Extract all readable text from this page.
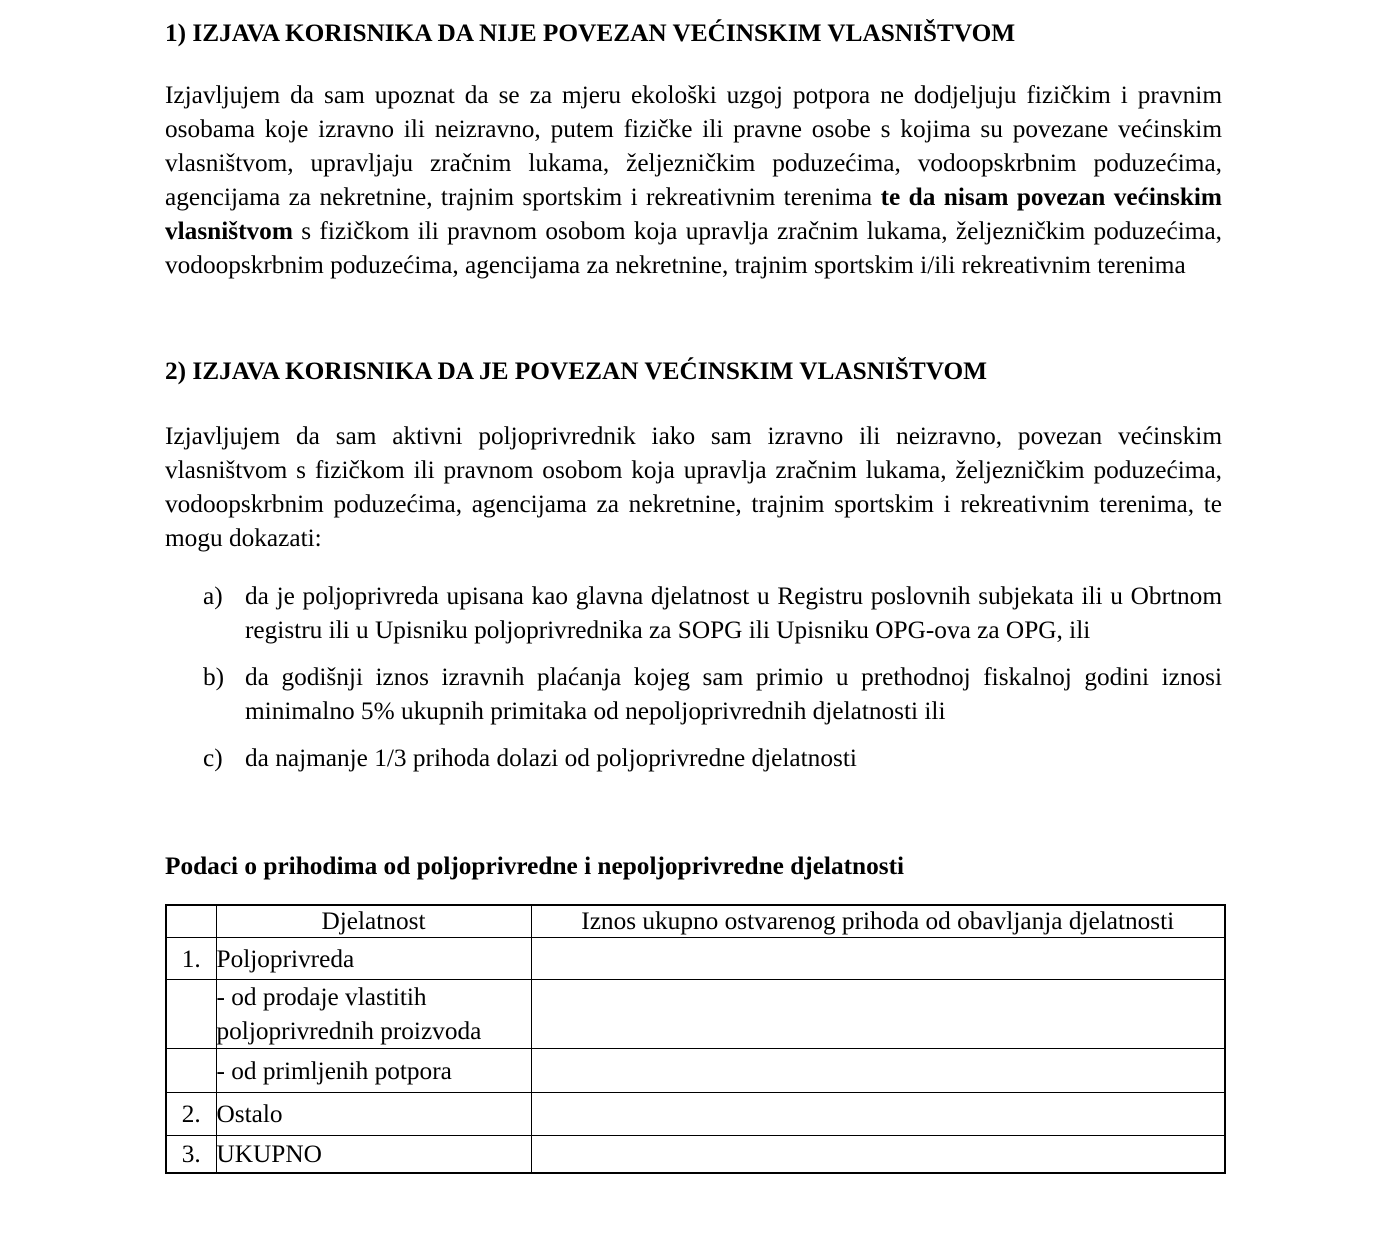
1) IZJAVA KORISNIKA DA NIJE POVEZAN VEĆINSKIM VLASNIŠTVOM

Izjavljujem da sam upoznat da se za mjeru ekološki uzgoj potpora ne dodjeljuju fizičkim i pravnim osobama koje izravno ili neizravno, putem fizičke ili pravne osobe s kojima su povezane većinskim vlasništvom, upravljaju zračnim lukama, željezničkim poduzećima, vodoopskrbnim poduzećima, agencijama za nekretnine, trajnim sportskim i rekreativnim terenima te da nisam povezan većinskim vlasništvom s fizičkom ili pravnom osobom koja upravlja zračnim lukama, željezničkim poduzećima, vodoopskrbnim poduzećima, agencijama za nekretnine, trajnim sportskim i/ili rekreativnim terenima

2) IZJAVA KORISNIKA DA JE POVEZAN VEĆINSKIM VLASNIŠTVOM

Izjavljujem da sam aktivni poljoprivrednik iako sam izravno ili neizravno, povezan većinskim vlasništvom s fizičkom ili pravnom osobom koja upravlja zračnim lukama, željezničkim poduzećima, vodoopskrbnim poduzećima, agencijama za nekretnine, trajnim sportskim i rekreativnim terenima, te mogu dokazati:

a) da je poljoprivreda upisana kao glavna djelatnost u Registru poslovnih subjekata ili u Obrtnom registru ili u Upisniku poljoprivrednika za SOPG ili Upisniku OPG-ova za OPG, ili
b) da godišnji iznos izravnih plaćanja kojeg sam primio u prethodnoj fiskalnoj godini iznosi minimalno 5% ukupnih primitaka od nepoljoprivrednih djelatnosti ili
c) da najmanje 1/3 prihoda dolazi od poljoprivredne djelatnosti
Podaci o prihodima od poljoprivredne i nepoljoprivredne djelatnosti
	Djelatnost	Iznos ukupno ostvarenog prihoda od obavljanja djelatnosti
1.	Poljoprivreda	
	- od prodaje vlastitih poljoprivrednih proizvoda	
	- od primljenih potpora	
2.	Ostalo	
3.	UKUPNO	
